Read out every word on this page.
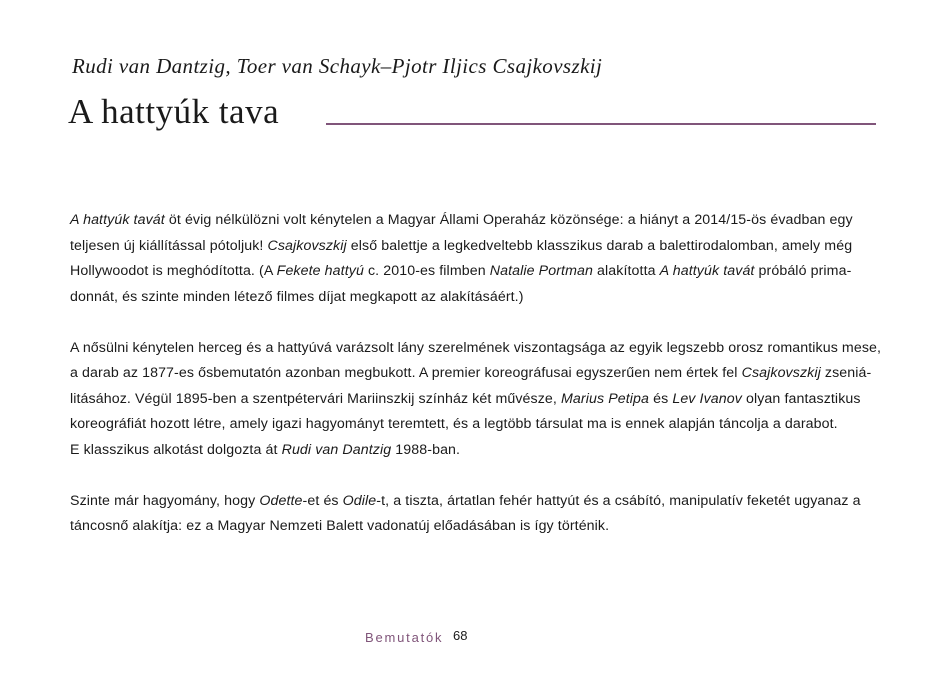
Rudi van Dantzig, Toer van Schayk–Pjotr Iljics Csajkovszkij
A hattyúk tava

A hattyúk tavát öt évig nélkülözni volt kénytelen a Magyar Állami Operaház közönsége: a hiányt a 2014/15-ös évadban egy
teljesen új kiállítással pótoljuk! Csajkovszkij első balettje a legkedveltebb klasszikus darab a balettirodalomban, amely még
Hollywoodot is meghódította. (A Fekete hattyú c. 2010-es filmben Natalie Portman alakította A hattyúk tavát próbáló prima-
donnát, és szinte minden létező filmes díjat megkapott az alakításáért.)

A nősülni kénytelen herceg és a hattyúvá varázsolt lány szerelmének viszontagsága az egyik legszebb orosz romantikus mese,
a darab az 1877-es ősbemutatón azonban megbukott. A premier koreográfusai egyszerűen nem értek fel Csajkovszkij zseniá-
litásához. Végül 1895-ben a szentpétervári Mariinszkij színház két művésze, Marius Petipa és Lev Ivanov olyan fantasztikus
koreográfiát hozott létre, amely igazi hagyományt teremtett, és a legtöbb társulat ma is ennek alapján táncolja a darabot.
E klasszikus alkotást dolgozta át Rudi van Dantzig 1988-ban.

Szinte már hagyomány, hogy Odette-et és Odile-t, a tiszta, ártatlan fehér hattyút és a csábító, manipulatív feketét ugyanaz a
táncosnő alakítja: ez a Magyar Nemzeti Balett vadonatúj előadásában is így történik.

Bemutatók 68
